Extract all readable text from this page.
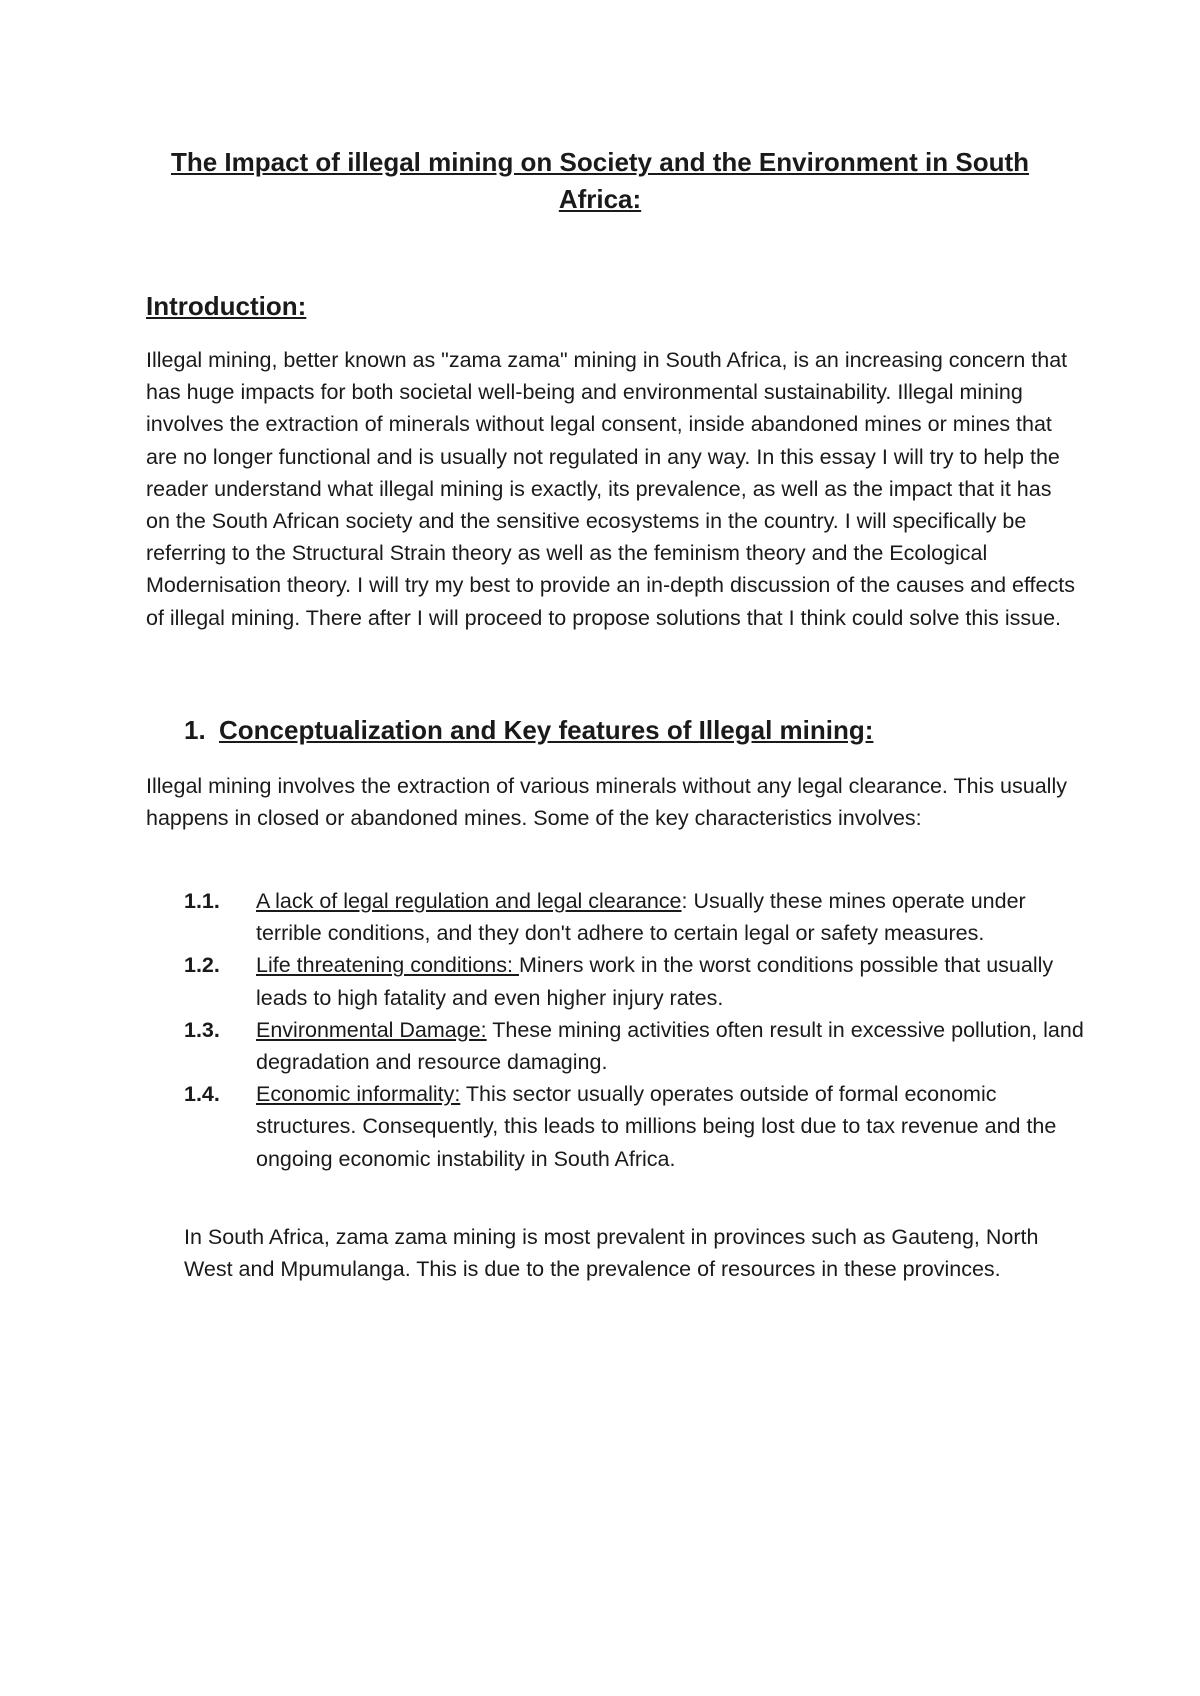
The Impact of illegal mining on Society and the Environment in South Africa:
Introduction:
Illegal mining, better known as "zama zama" mining in South Africa, is an increasing concern that has huge impacts for both societal well-being and environmental sustainability. Illegal mining involves the extraction of minerals without legal consent, inside abandoned mines or mines that are no longer functional and is usually not regulated in any way. In this essay I will try to help the reader understand what illegal mining is exactly, its prevalence, as well as the impact that it has on the South African society and the sensitive ecosystems in the country. I will specifically be referring to the Structural Strain theory as well as the feminism theory and the Ecological Modernisation theory. I will try my best to provide an in-depth discussion of the causes and effects of illegal mining. There after I will proceed to propose solutions that I think could solve this issue.
1. Conceptualization and Key features of Illegal mining:
Illegal mining involves the extraction of various minerals without any legal clearance. This usually happens in closed or abandoned mines. Some of the key characteristics involves:
1.1. A lack of legal regulation and legal clearance: Usually these mines operate under terrible conditions, and they don't adhere to certain legal or safety measures.
1.2. Life threatening conditions: Miners work in the worst conditions possible that usually leads to high fatality and even higher injury rates.
1.3. Environmental Damage: These mining activities often result in excessive pollution, land degradation and resource damaging.
1.4. Economic informality: This sector usually operates outside of formal economic structures. Consequently, this leads to millions being lost due to tax revenue and the ongoing economic instability in South Africa.
In South Africa, zama zama mining is most prevalent in provinces such as Gauteng, North West and Mpumulanga. This is due to the prevalence of resources in these provinces.
